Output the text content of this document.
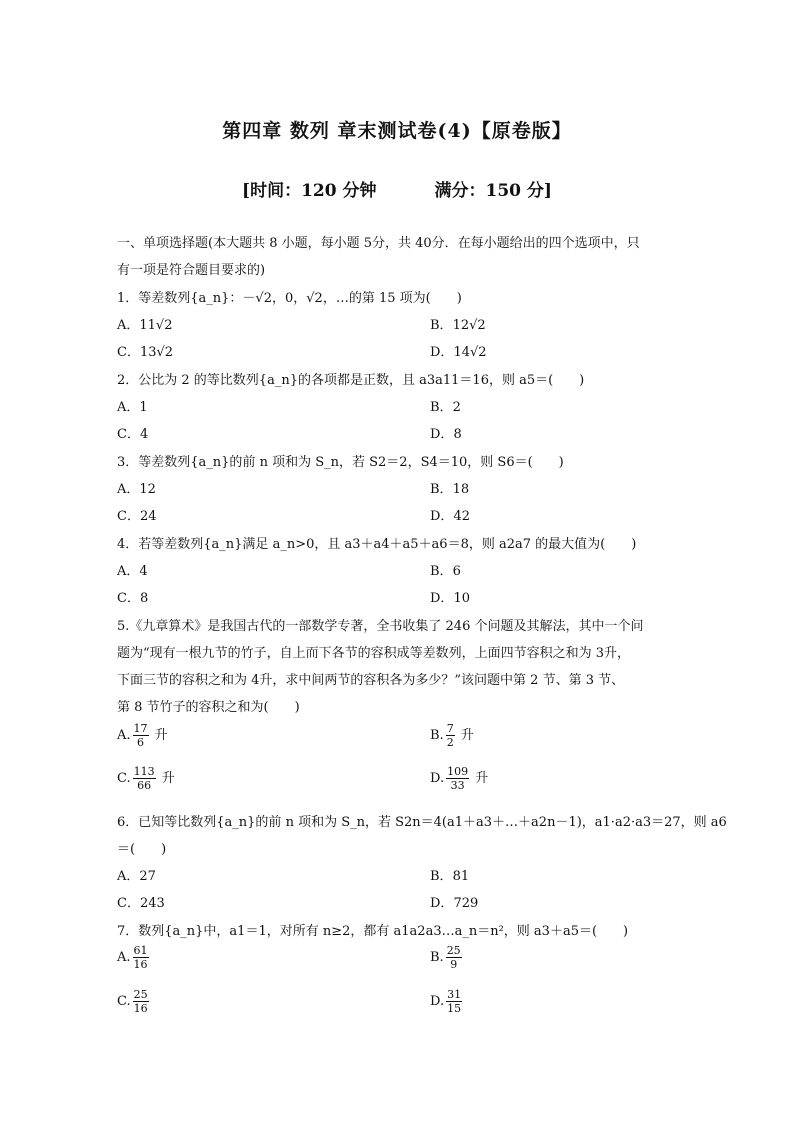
第四章 数列 章末测试卷(4)【原卷版】
[时间：120 分钟	满分：150 分]
一、单项选择题(本大题共 8 小题，每小题 5分，共 40分．在每小题给出的四个选项中，只
有一项是符合题目要求的)
1．等差数列{a_n}：－√2，0，√2，…的第 15 项为(　　)
A．11√2	B．12√2
C．13√2	D．14√2
2．公比为 2 的等比数列{a_n}的各项都是正数，且 a3a11＝16，则 a5＝(　　)
A．1	B．2
C．4	D．8
3．等差数列{a_n}的前 n 项和为 S_n，若 S2＝2，S4＝10，则 S6＝(　　)
A．12	B．18
C．24	D．42
4．若等差数列{a_n}满足 a_n>0，且 a3＋a4＋a5＋a6＝8，则 a2a7 的最大值为(　　)
A．4	B．6
C．8	D．10
5.《九章算术》是我国古代的一部数学专著，全书收集了 246 个问题及其解法，其中一个问
题为“现有一根九节的竹子，自上而下各节的容积成等差数列，上面四节容积之和为 3升，
下面三节的容积之和为 4升，求中间两节的容积各为多少？”该问题中第 2 节、第 3 节、
第 8 节竹子的容积之和为(　　)
A. $\frac{17}{6}$ 升	B. $\frac{7}{2}$ 升
C. $\frac{113}{66}$ 升	D. $\frac{109}{33}$ 升
6．已知等比数列{a_n}的前 n 项和为 S_n，若 S2n＝4(a1＋a3＋…＋a2n－1)，a1·a2·a3＝27，则 a6
＝(　　)
A．27	B．81
C．243	D．729
7．数列{a_n}中，a1＝1，对所有 n≥2，都有 a1a2a3…a_n＝n²，则 a3＋a5＝(　　)
A. $\frac{61}{16}$	B. $\frac{25}{9}$
C. $\frac{25}{16}$	D. $\frac{31}{15}$
